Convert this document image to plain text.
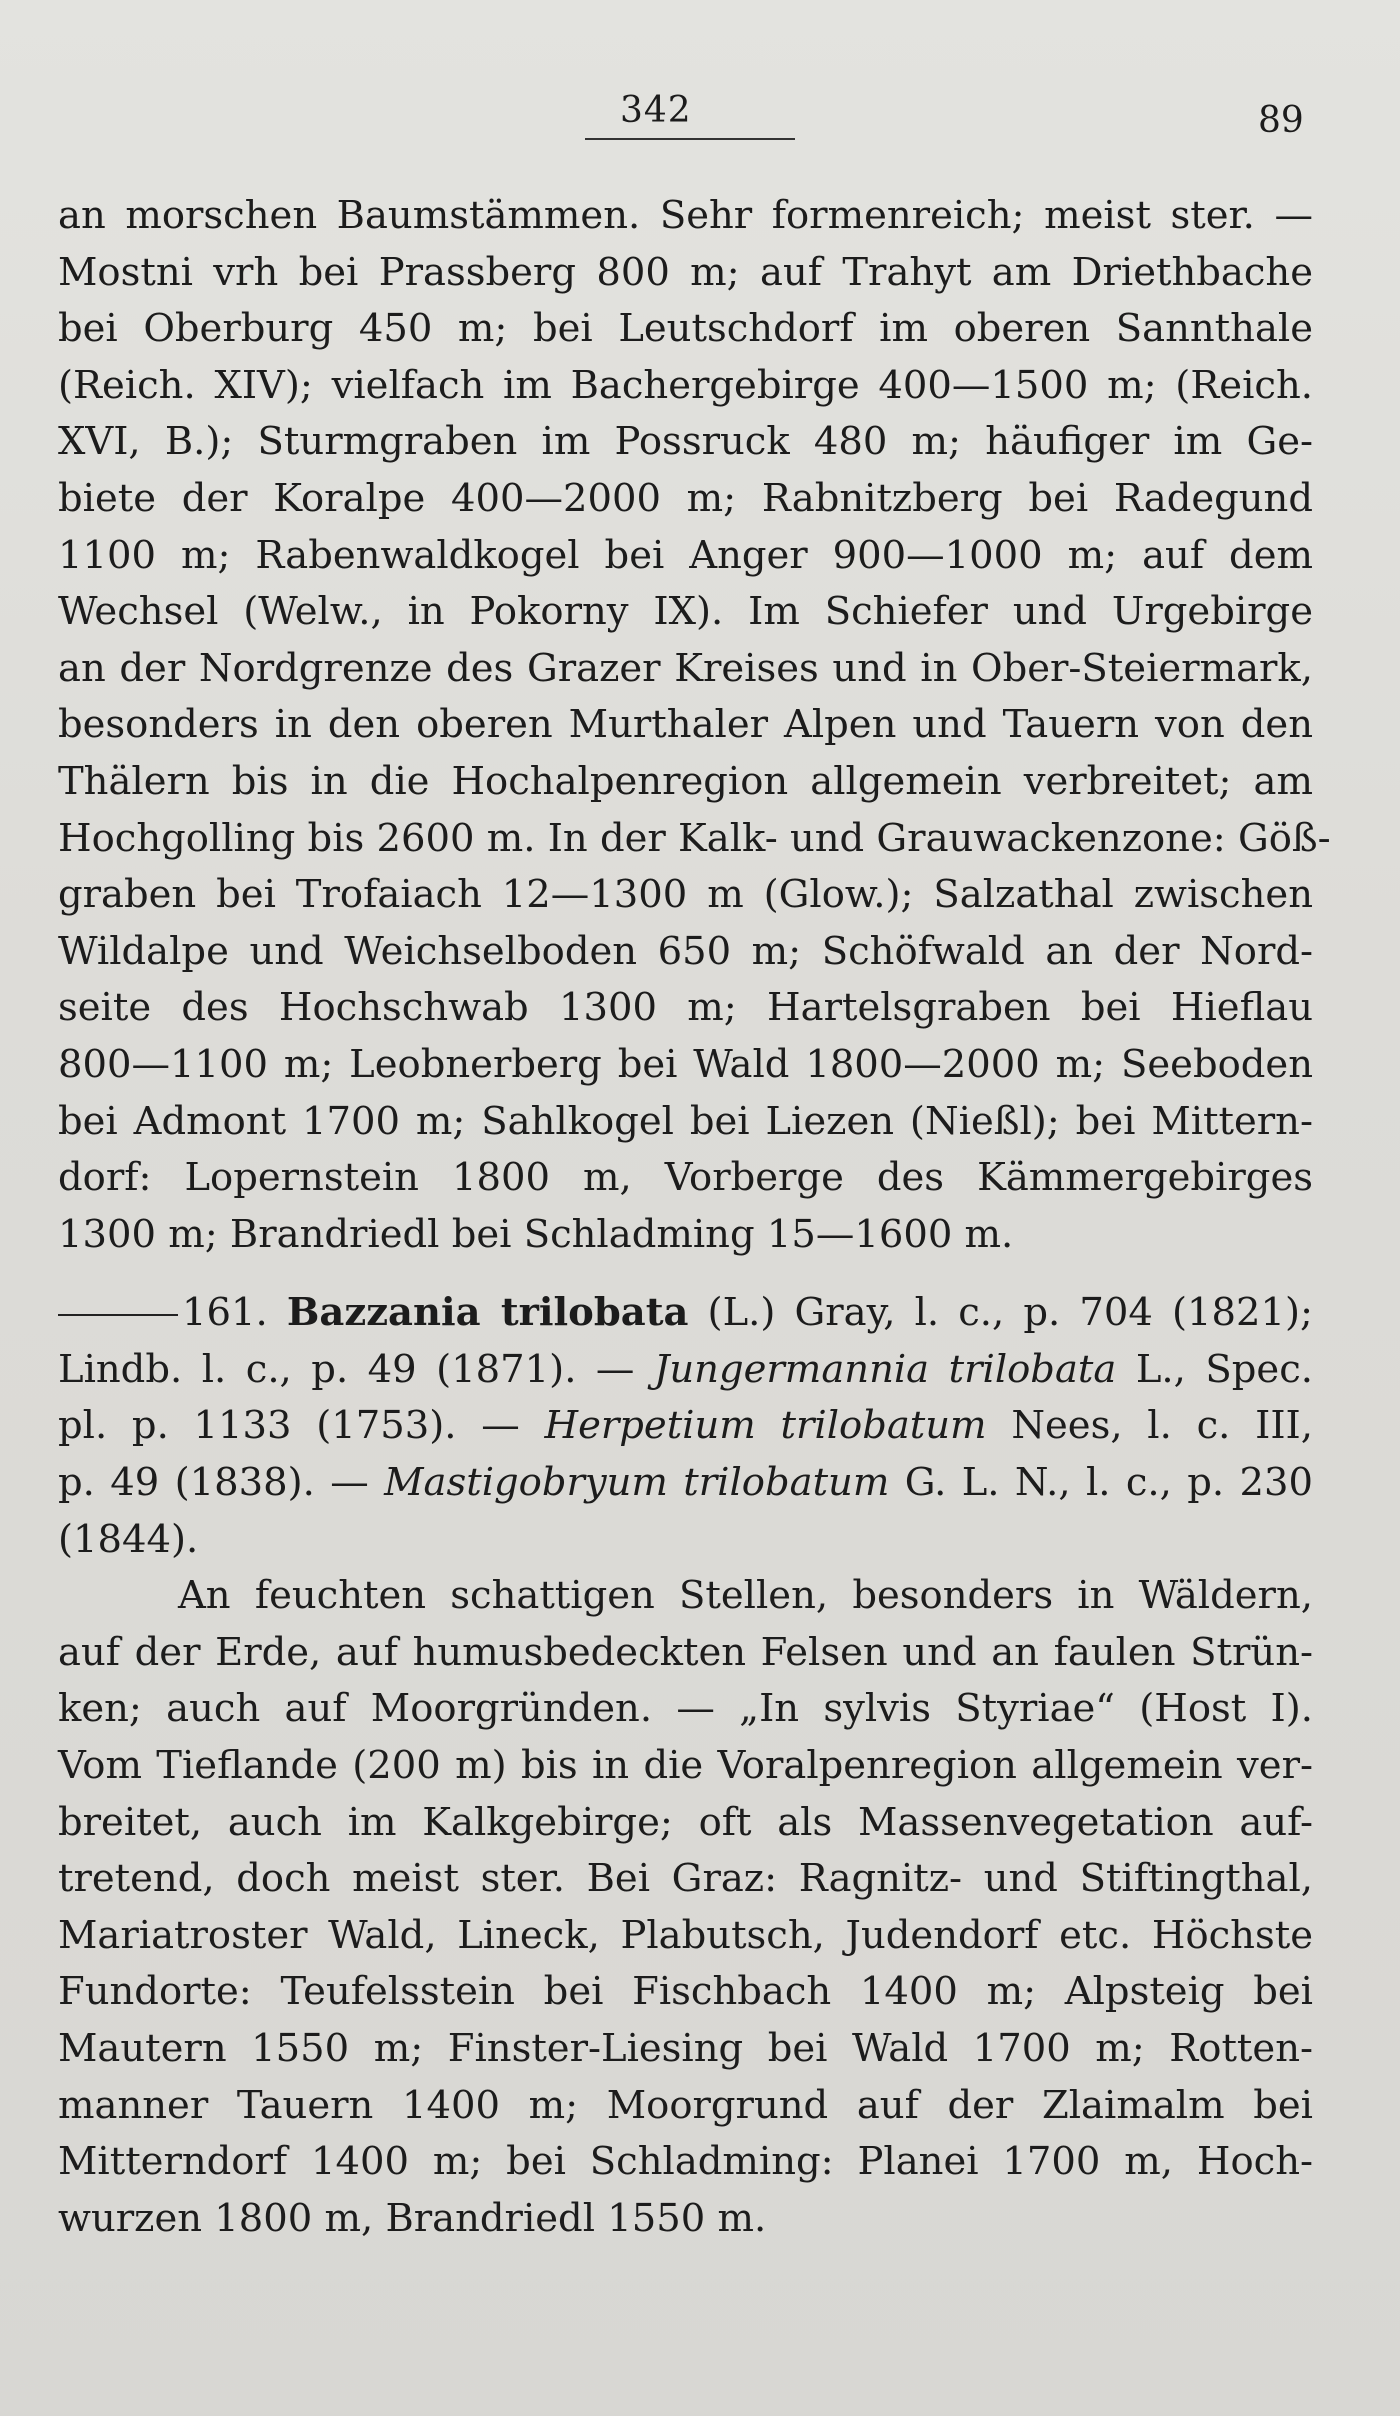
342	89

an morschen Baumstämmen. Sehr formenreich; meist ster. —
Mostni vrh bei Prassberg 800 m; auf Trahyt am Driethbache
bei Oberburg 450 m; bei Leutschdorf im oberen Sannthale
(Reich. XIV); vielfach im Bachergebirge 400—1500 m; (Reich.
XVI, B.); Sturmgraben im Possruck 480 m; häufiger im Ge-
biete der Koralpe 400—2000 m; Rabnitzberg bei Radegund
1100 m; Rabenwaldkogel bei Anger 900—1000 m; auf dem
Wechsel (Welw., in Pokorny IX). Im Schiefer und Urgebirge
an der Nordgrenze des Grazer Kreises und in Ober-Steiermark,
besonders in den oberen Murthaler Alpen und Tauern von den
Thälern bis in die Hochalpenregion allgemein verbreitet; am
Hochgolling bis 2600 m. In der Kalk- und Grauwackenzone: Göß-
graben bei Trofaiach 12—1300 m (Glow.); Salzathal zwischen
Wildalpe und Weichselboden 650 m; Schöfwald an der Nord-
seite des Hochschwab 1300 m; Hartelsgraben bei Hieflau
800—1100 m; Leobnerberg bei Wald 1800—2000 m; Seeboden
bei Admont 1700 m; Sahlkogel bei Liezen (Nießl); bei Mittern-
dorf: Lopernstein 1800 m, Vorberge des Kämmergebirges
1300 m; Brandriedl bei Schladming 15—1600 m.

161. Bazzania trilobata (L.) Gray, l. c., p. 704 (1821);
Lindb. l. c., p. 49 (1871). — Jungermannia trilobata L., Spec.
pl. p. 1133 (1753). — Herpetium trilobatum Nees, l. c. III,
p. 49 (1838). — Mastigobryum trilobatum G. L. N., l. c., p. 230
(1844).

An feuchten schattigen Stellen, besonders in Wäldern,
auf der Erde, auf humusbedeckten Felsen und an faulen Strün-
ken; auch auf Moorgründen. — „In sylvis Styriae“ (Host I).
Vom Tieflande (200 m) bis in die Voralpenregion allgemein ver-
breitet, auch im Kalkgebirge; oft als Massenvegetation auf-
tretend, doch meist ster. Bei Graz: Ragnitz- und Stiftingthal,
Mariatroster Wald, Lineck, Plabutsch, Judendorf etc. Höchste
Fundorte: Teufelsstein bei Fischbach 1400 m; Alpsteig bei
Mautern 1550 m; Finster-Liesing bei Wald 1700 m; Rotten-
manner Tauern 1400 m; Moorgrund auf der Zlaimalm bei
Mitterndorf 1400 m; bei Schladming: Planei 1700 m, Hoch-
wurzen 1800 m, Brandriedl 1550 m.
